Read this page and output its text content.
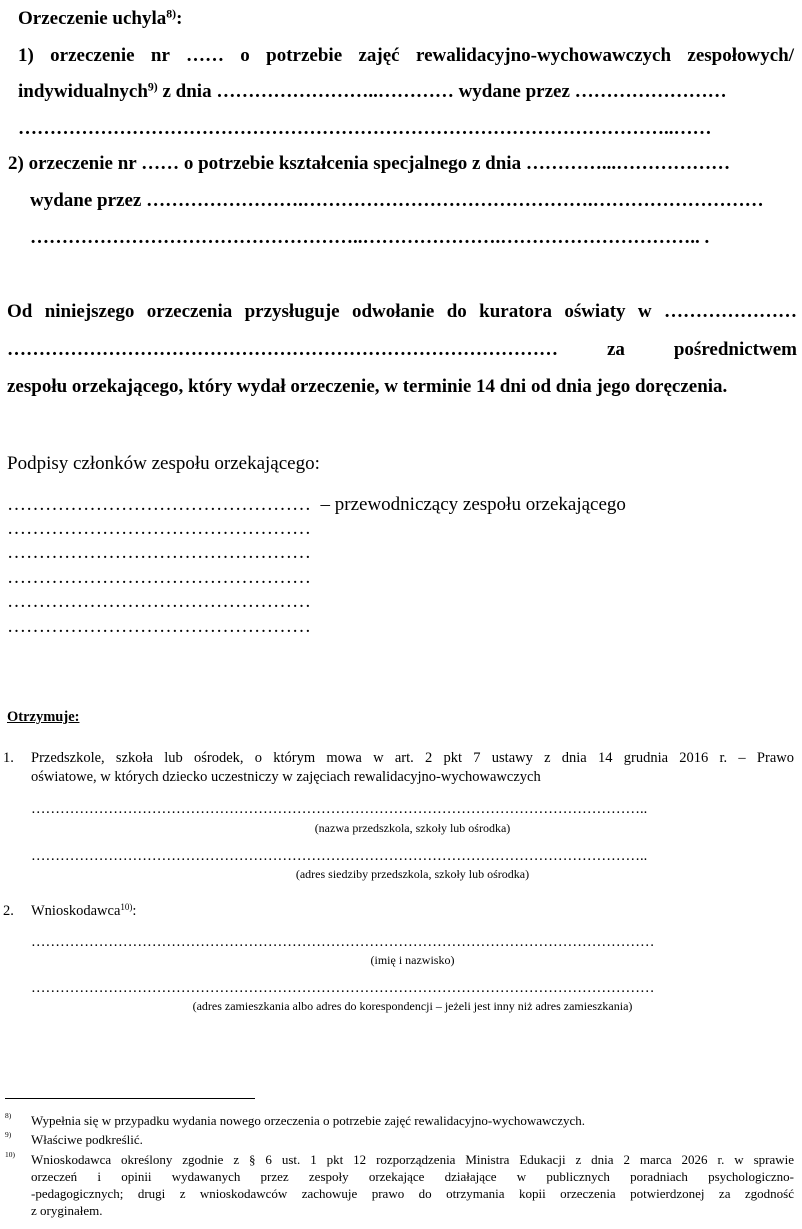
Orzeczenie uchyla$^{8)}$:
1) orzeczenie nr …… o potrzebie zajęć rewalidacyjno-wychowawczych zespołowych/
indywidualnych$^{9)}$ z dnia ……………………..………… wydane przez ……………………
…………………………………………………………………………………………..……
2) orzeczenie nr …… o potrzebie kształcenia specjalnego z dnia …………...………………
wydane przez …………………….……………………………………….………………………
……………………………………………..………………….………………………….. .
Od niniejszego orzeczenia przysługuje odwołanie do kuratora oświaty w …………………
…………………………………………………………………………… za pośrednictwem
zespołu orzekającego, który wydał orzeczenie, w terminie 14 dni od dnia jego doręczenia.
Podpisy członków zespołu orzekającego:
………………………………………… – przewodniczący zespołu orzekającego
…………………………………………
…………………………………………
…………………………………………
…………………………………………
…………………………………………
Otrzymuje:
1. Przedszkole, szkoła lub ośrodek, o którym mowa w art. 2 pkt 7 ustawy z dnia 14 grudnia 2016 r. – Prawo
oświatowe, w których dziecko uczestniczy w zajęciach rewalidacyjno-wychowawczych
………………………………………………………………………………………………………………..
(nazwa przedszkola, szkoły lub ośrodka)
………………………………………………………………………………………………………………..
(adres siedziby przedszkola, szkoły lub ośrodka)
2. Wnioskodawca$^{10)}$:
…………………………………………………………………………………………………………………
(imię i nazwisko)
…………………………………………………………………………………………………………………
(adres zamieszkania albo adres do korespondencji – jeżeli jest inny niż adres zamieszkania)
$^{8)}$ Wypełnia się w przypadku wydania nowego orzeczenia o potrzebie zajęć rewalidacyjno-wychowawczych.
$^{9)}$ Właściwe podkreślić.
$^{10)}$ Wnioskodawca określony zgodnie z § 6 ust. 1 pkt 12 rozporządzenia Ministra Edukacji z dnia 2 marca 2026 r. w sprawie
orzeczeń i opinii wydawanych przez zespoły orzekające działające w publicznych poradniach psychologiczno-
-pedagogicznych; drugi z wnioskodawców zachowuje prawo do otrzymania kopii orzeczenia potwierdzonej za zgodność
z oryginałem.
